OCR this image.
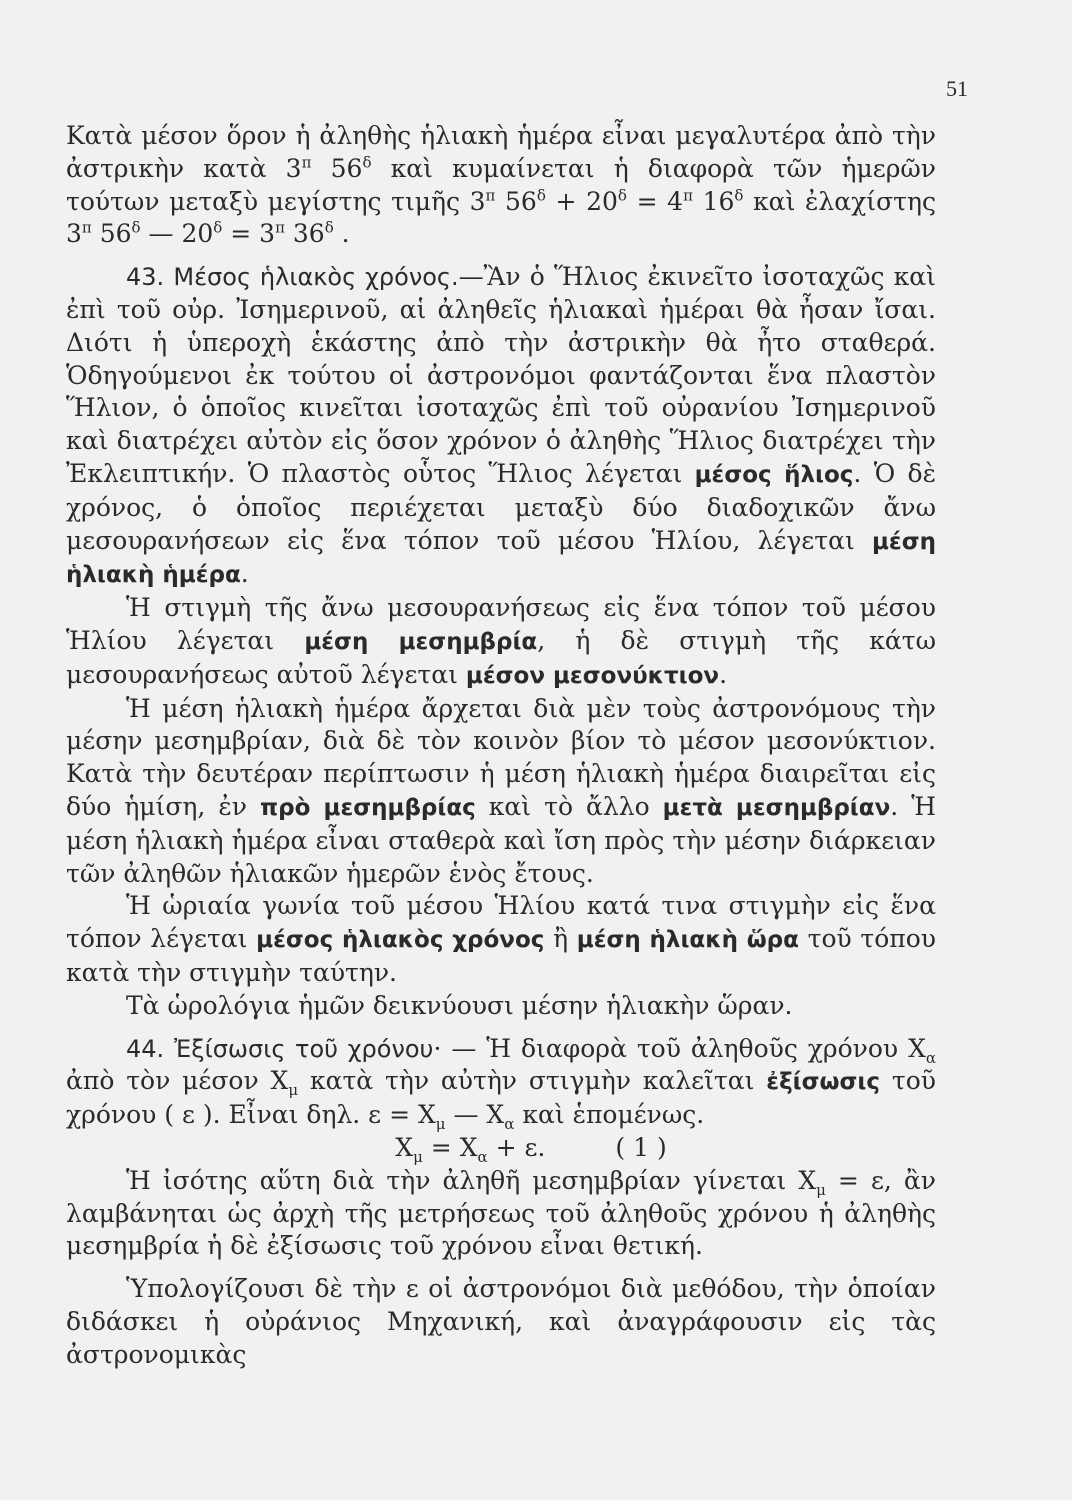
51

Κατὰ μέσον ὅρον ἡ ἀληθὴς ἡλιακὴ ἡμέρα εἶναι μεγαλυτέρα ἀπὸ τὴν ἀστρικὴν κατὰ $3^\pi$ $56^\delta$ καὶ κυμαίνεται ἡ διαφορὰ τῶν ἡμερῶν τούτων μεταξὺ μεγίστης τιμῆς $3^\pi$ $56^\delta + 20^\delta = 4^\pi$ $16^\delta$ καὶ ἐλαχίστης $3^\pi$ $56^\delta$ — $20^\delta = 3^\pi$ $36^\delta$ .

43. Μέσος ἡλιακὸς χρόνος.—Ἂν ὁ Ἥλιος ἐκινεῖτο ἰσοταχῶς καὶ ἐπὶ τοῦ οὐρ. Ἰσημερινοῦ, αἱ ἀληθεῖς ἡλιακαὶ ἡμέραι θὰ ἦσαν ἴσαι. Διότι ἡ ὑπεροχὴ ἑκάστης ἀπὸ τὴν ἀστρικὴν θὰ ἦτο σταθερά. Ὁδηγούμενοι ἐκ τούτου οἱ ἀστρονόμοι φαντάζονται ἕνα πλαστὸν Ἥλιον, ὁ ὁποῖος κινεῖται ἰσοταχῶς ἐπὶ τοῦ οὐρανίου Ἰσημερινοῦ καὶ διατρέχει αὐτὸν εἰς ὅσον χρόνον ὁ ἀληθὴς Ἥλιος διατρέχει τὴν Ἐκλειπτικήν. Ὁ πλαστὸς οὗτος Ἥλιος λέγεται μέσος ἥλιος. Ὁ δὲ χρόνος, ὁ ὁποῖος περιέχεται μεταξὺ δύο διαδοχικῶν ἄνω μεσουρανήσεων εἰς ἕνα τόπον τοῦ μέσου Ἡλίου, λέγεται μέση ἡλιακὴ ἡμέρα.

Ἡ στιγμὴ τῆς ἄνω μεσουρανήσεως εἰς ἕνα τόπον τοῦ μέσου Ἡλίου λέγεται μέση μεσημβρία, ἡ δὲ στιγμὴ τῆς κάτω μεσουρανήσεως αὐτοῦ λέγεται μέσον μεσονύκτιον.

Ἡ μέση ἡλιακὴ ἡμέρα ἄρχεται διὰ μὲν τοὺς ἀστρονόμους τὴν μέσην μεσημβρίαν, διὰ δὲ τὸν κοινὸν βίον τὸ μέσον μεσονύκτιον. Κατὰ τὴν δευτέραν περίπτωσιν ἡ μέση ἡλιακὴ ἡμέρα διαιρεῖται εἰς δύο ἡμίση, ἐν πρὸ μεσημβρίας καὶ τὸ ἄλλο μετὰ μεσημβρίαν. Ἡ μέση ἡλιακὴ ἡμέρα εἶναι σταθερὰ καὶ ἴση πρὸς τὴν μέσην διάρκειαν τῶν ἀληθῶν ἡλιακῶν ἡμερῶν ἑνὸς ἔτους.

Ἡ ὡριαία γωνία τοῦ μέσου Ἡλίου κατά τινα στιγμὴν εἰς ἕνα τόπον λέγεται μέσος ἡλιακὸς χρόνος ἢ μέση ἡλιακὴ ὥρα τοῦ τόπου κατὰ τὴν στιγμὴν ταύτην.

Τὰ ὡρολόγια ἡμῶν δεικνύουσι μέσην ἡλιακὴν ὥραν.

44. Ἐξίσωσις τοῦ χρόνου· — Ἡ διαφορὰ τοῦ ἀληθοῦς χρόνου $X_\alpha$ ἀπὸ τὸν μέσον $X_\mu$ κατὰ τὴν αὐτὴν στιγμὴν καλεῖται ἐξίσωσις τοῦ χρόνου ( ε ). Εἶναι δηλ. $\varepsilon = X_\mu$ — $X_\alpha$ καὶ ἑπομένως.

$X_\mu = X_\alpha + \varepsilon$.	( 1 )

Ἡ ἰσότης αὕτη διὰ τὴν ἀληθῆ μεσημβρίαν γίνεται $X_\mu = \varepsilon$, ἂν λαμβάνηται ὡς ἀρχὴ τῆς μετρήσεως τοῦ ἀληθοῦς χρόνου ἡ ἀληθὴς μεσημβρία ἡ δὲ ἐξίσωσις τοῦ χρόνου εἶναι θετική.

Ὑπολογίζουσι δὲ τὴν ε οἱ ἀστρονόμοι διὰ μεθόδου, τὴν ὁποίαν διδάσκει ἡ οὐράνιος Μηχανική, καὶ ἀναγράφουσιν εἰς τὰς ἀστρονομικὰς
